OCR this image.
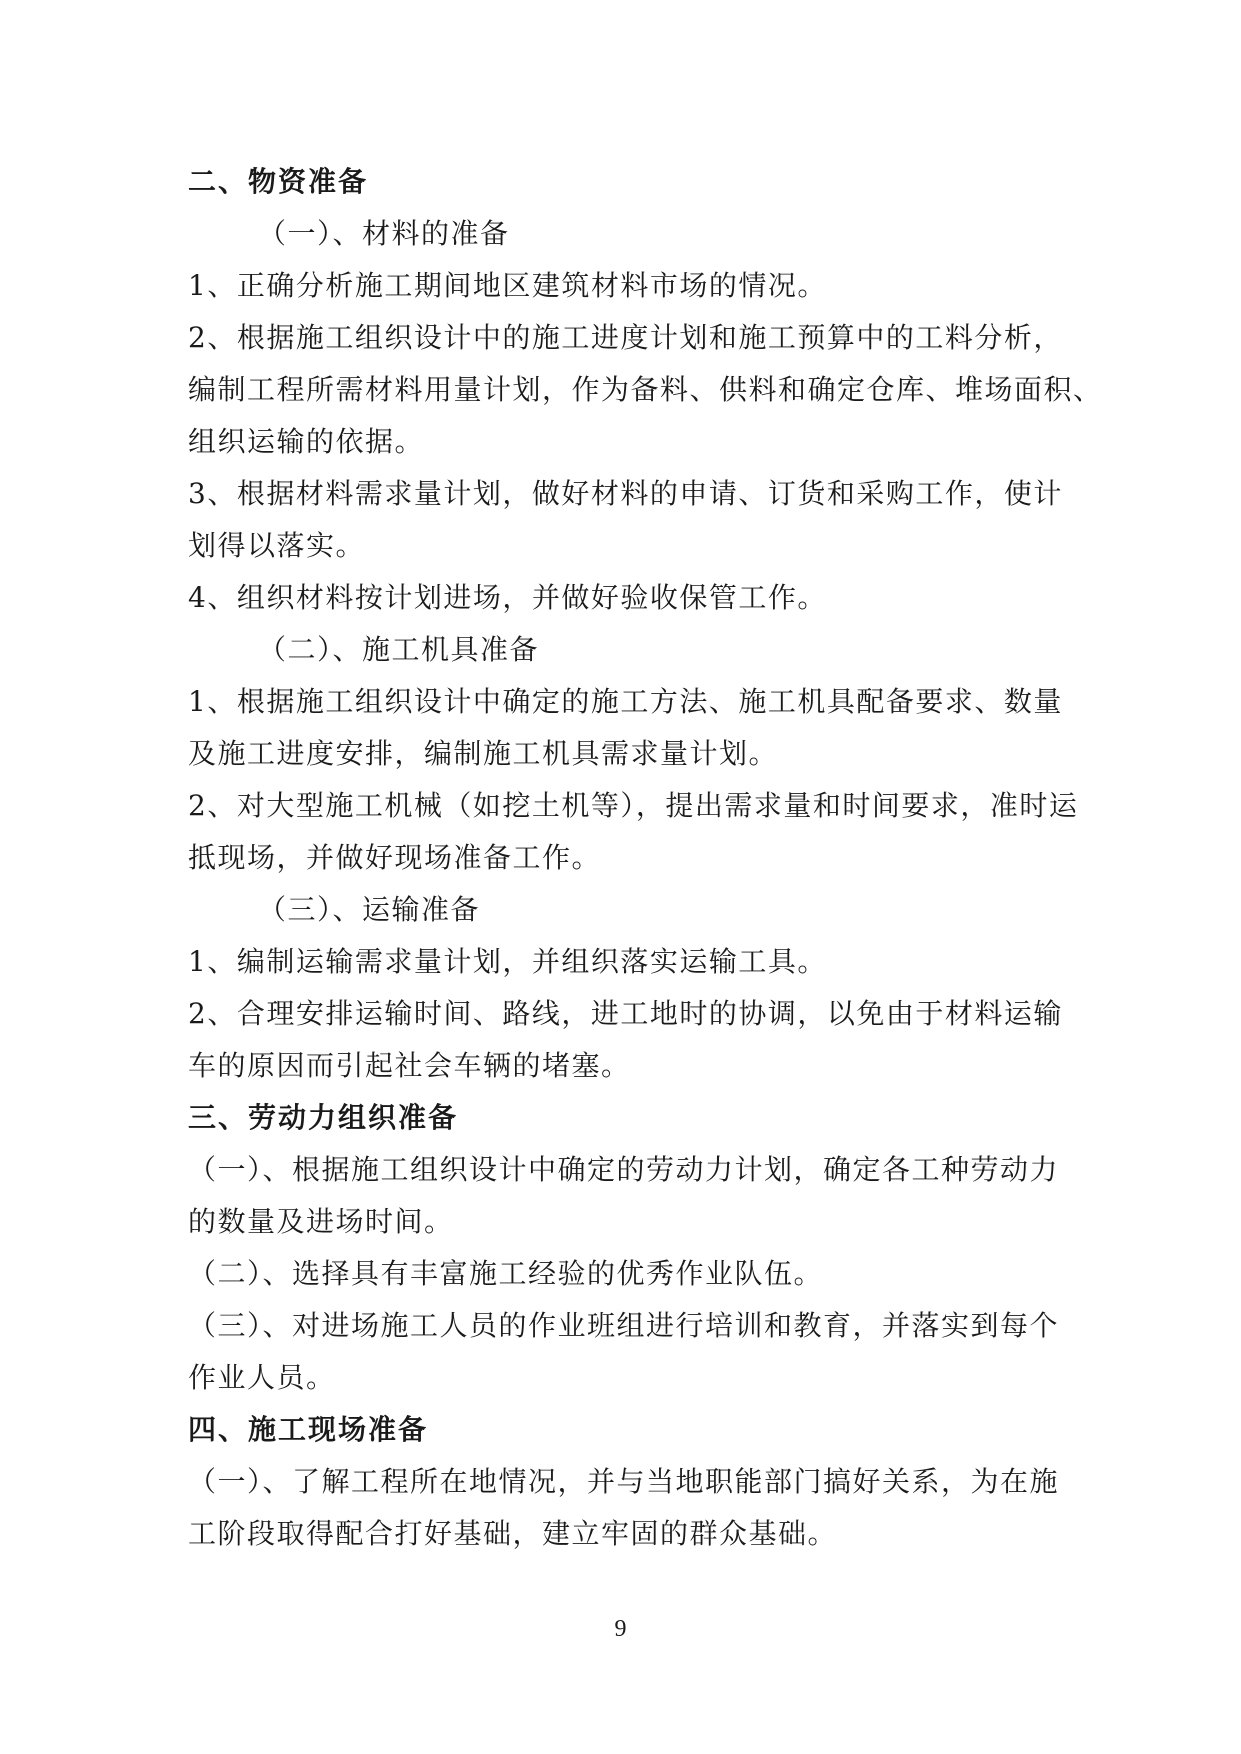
二、物资准备
（一）、材料的准备
1、正确分析施工期间地区建筑材料市场的情况。
2、根据施工组织设计中的施工进度计划和施工预算中的工料分析，
编制工程所需材料用量计划，作为备料、供料和确定仓库、堆场面积、
组织运输的依据。
3、根据材料需求量计划，做好材料的申请、订货和采购工作，使计
划得以落实。
4、组织材料按计划进场，并做好验收保管工作。
（二）、施工机具准备
1、根据施工组织设计中确定的施工方法、施工机具配备要求、数量
及施工进度安排，编制施工机具需求量计划。
2、对大型施工机械（如挖土机等），提出需求量和时间要求，准时运
抵现场，并做好现场准备工作。
（三）、运输准备
1、编制运输需求量计划，并组织落实运输工具。
2、合理安排运输时间、路线，进工地时的协调，以免由于材料运输
车的原因而引起社会车辆的堵塞。
三、劳动力组织准备
（一）、根据施工组织设计中确定的劳动力计划，确定各工种劳动力
的数量及进场时间。
（二）、选择具有丰富施工经验的优秀作业队伍。
（三）、对进场施工人员的作业班组进行培训和教育，并落实到每个
作业人员。
四、施工现场准备
（一）、了解工程所在地情况，并与当地职能部门搞好关系，为在施
工阶段取得配合打好基础，建立牢固的群众基础。
9
